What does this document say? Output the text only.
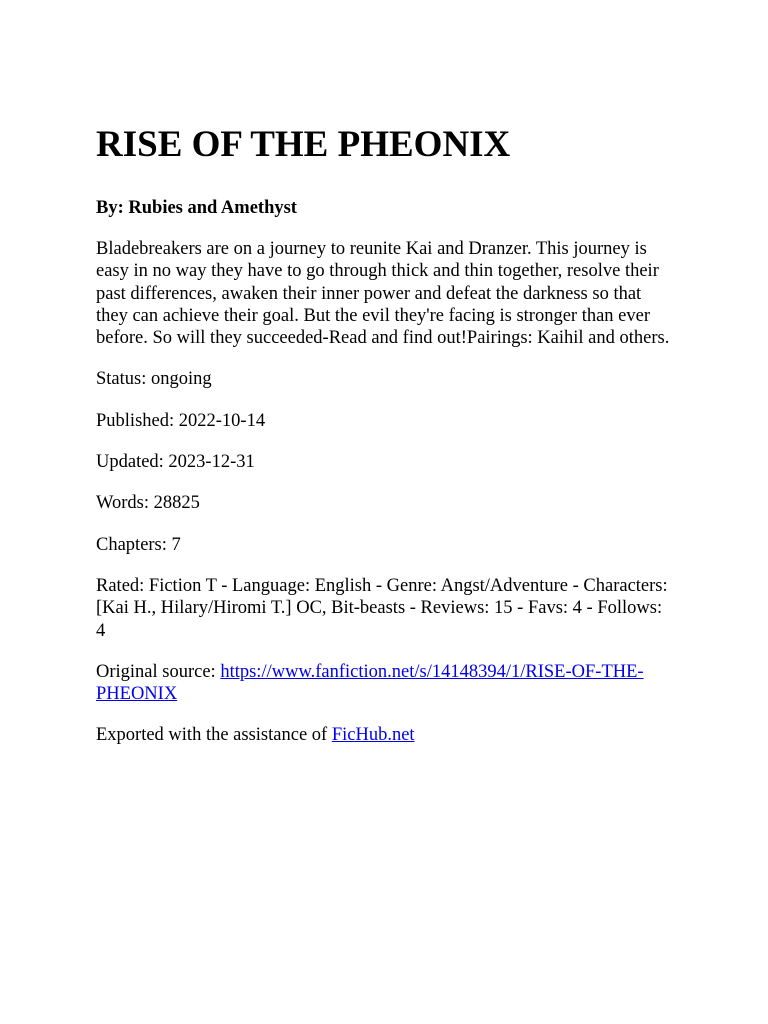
RISE OF THE PHEONIX
By: Rubies and Amethyst

Bladebreakers are on a journey to reunite Kai and Dranzer. This journey is easy in no way they have to go through thick and thin together, resolve their past differences, awaken their inner power and defeat the darkness so that they can achieve their goal. But the evil they're facing is stronger than ever before. So will they succeeded-Read and find out!Pairings: Kaihil and others.

Status: ongoing

Published: 2022-10-14

Updated: 2023-12-31

Words: 28825

Chapters: 7

Rated: Fiction T - Language: English - Genre: Angst/Adventure - Characters: [Kai H., Hilary/Hiromi T.] OC, Bit-beasts - Reviews: 15 - Favs: 4 - Follows: 4

Original source: https://www.fanfiction.net/s/14148394/1/RISE-OF-THE-PHEONIX

Exported with the assistance of FicHub.net
